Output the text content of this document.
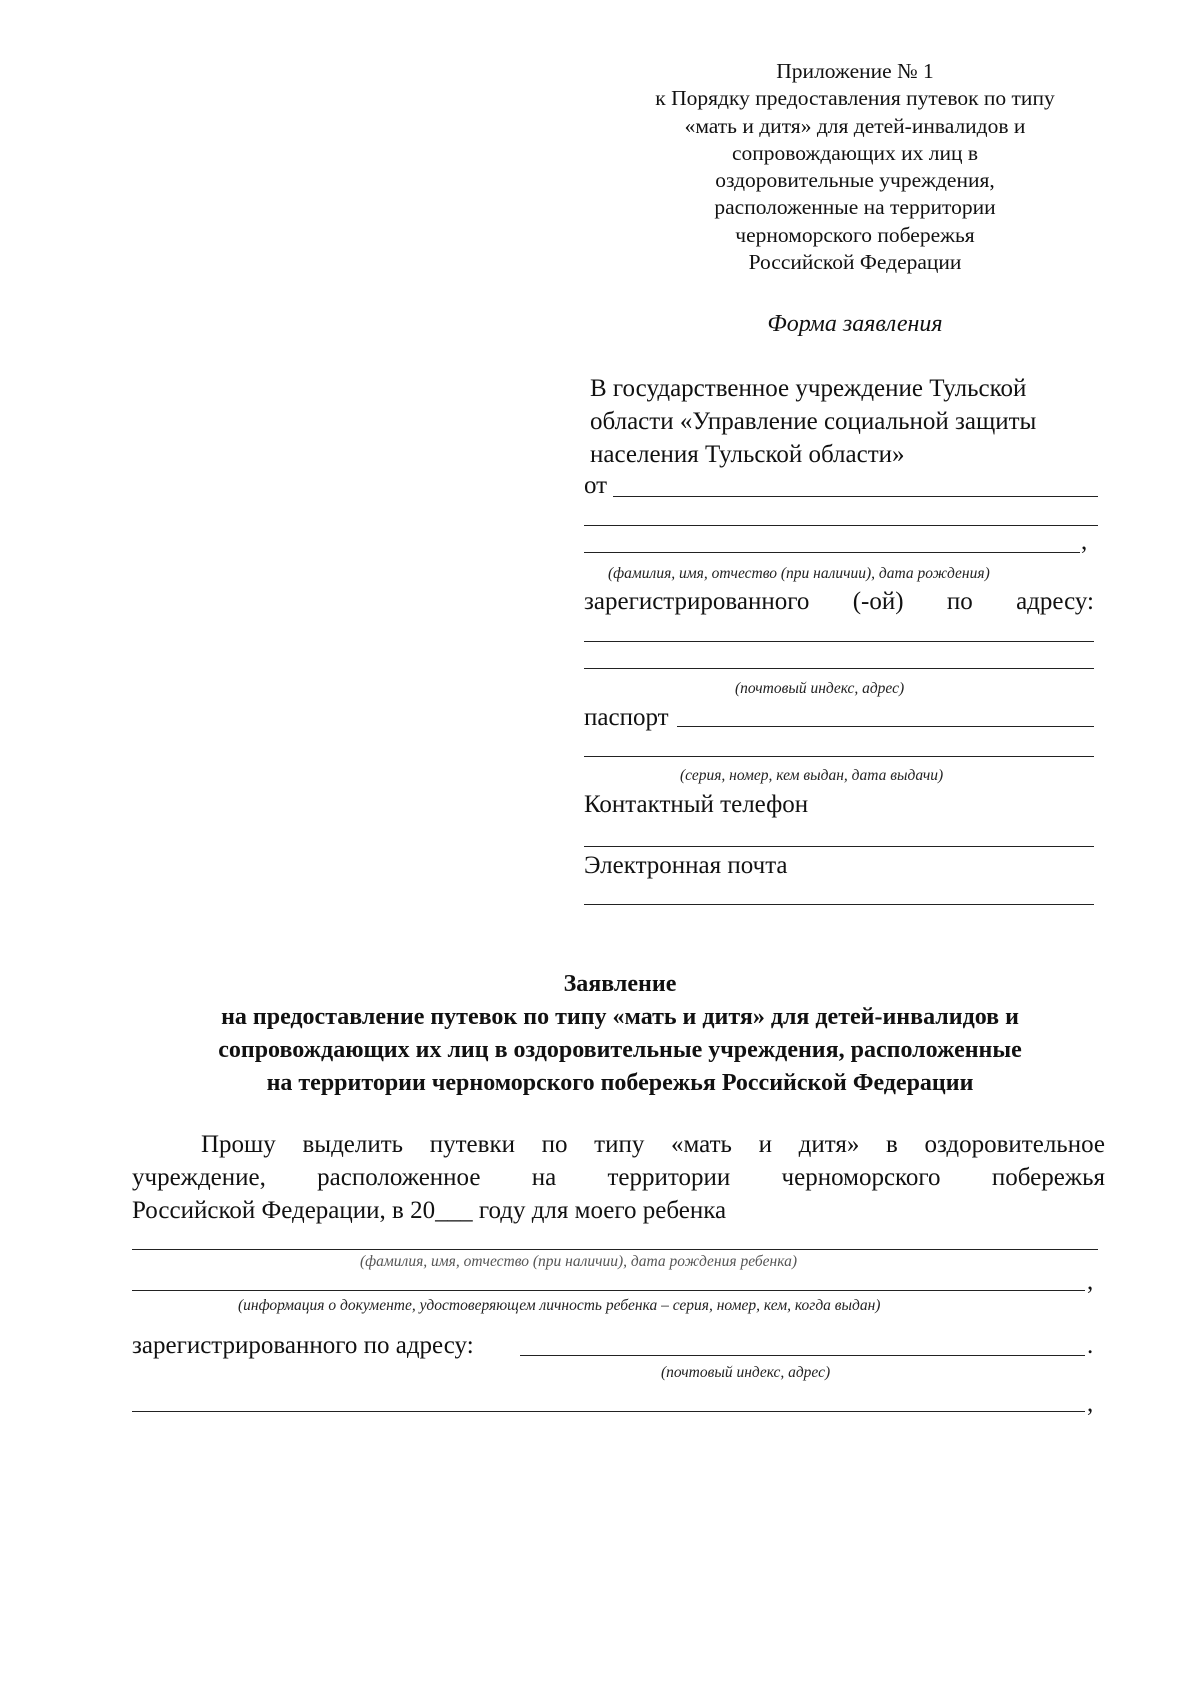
Приложение № 1
к Порядку предоставления путевок по типу
«мать и дитя» для детей-инвалидов и
сопровождающих их лиц в
оздоровительные учреждения,
расположенные на территории
черноморского побережья
Российской Федерации
Форма заявления
В государственное учреждение Тульской
области «Управление социальной защиты
населения Тульской области»
от
,
(фамилия, имя, отчество (при наличии), дата рождения)
зарегистрированного (-ой) по адресу:
(почтовый индекс, адрес)
паспорт
(серия, номер, кем выдан, дата выдачи)
Контактный телефон
Электронная почта
Заявление
на предоставление путевок по типу «мать и дитя» для детей-инвалидов и
сопровождающих их лиц в оздоровительные учреждения, расположенные
на территории черноморского побережья Российской Федерации
Прошу выделить путевки по типу «мать и дитя» в оздоровительное
учреждение, расположенное на территории черноморского побережья
Российской Федерации, в 20___ году для моего ребенка
(фамилия, имя, отчество (при наличии), дата рождения ребенка)
,
(информация о документе, удостоверяющем личность ребенка – серия, номер, кем, когда выдан)
зарегистрированного по адресу:	.
(почтовый индекс, адрес)
,
